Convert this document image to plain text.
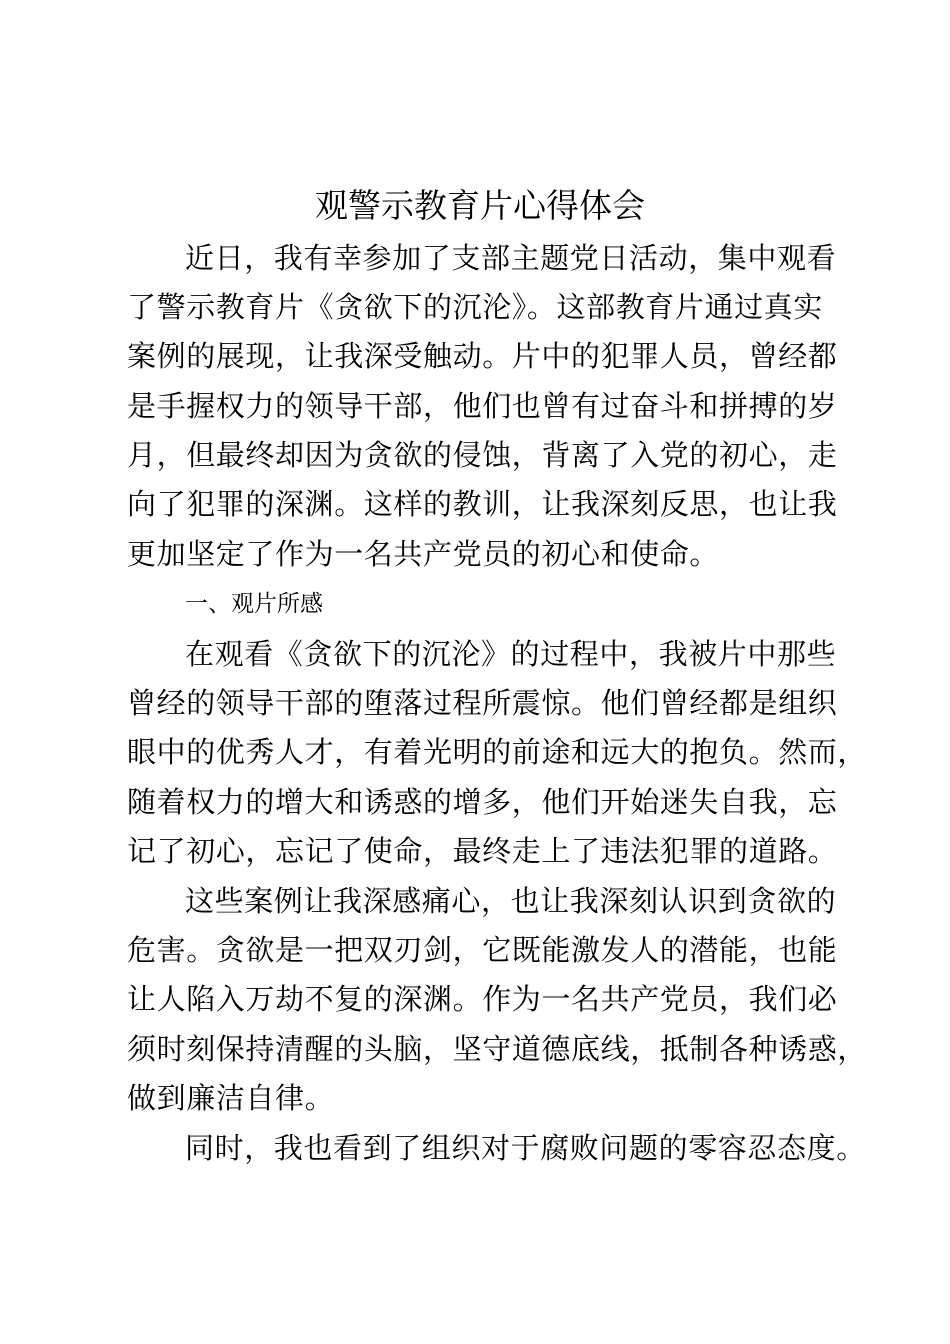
观警示教育片心得体会
近日，我有幸参加了支部主题党日活动，集中观看
了警示教育片《贪欲下的沉沦》。这部教育片通过真实
案例的展现，让我深受触动。片中的犯罪人员，曾经都
是手握权力的领导干部，他们也曾有过奋斗和拼搏的岁
月，但最终却因为贪欲的侵蚀，背离了入党的初心，走
向了犯罪的深渊。这样的教训，让我深刻反思，也让我
更加坚定了作为一名共产党员的初心和使命。
一、观片所感
在观看《贪欲下的沉沦》的过程中，我被片中那些
曾经的领导干部的堕落过程所震惊。他们曾经都是组织
眼中的优秀人才，有着光明的前途和远大的抱负。然而，
随着权力的增大和诱惑的增多，他们开始迷失自我，忘
记了初心，忘记了使命，最终走上了违法犯罪的道路。
这些案例让我深感痛心，也让我深刻认识到贪欲的
危害。贪欲是一把双刃剑，它既能激发人的潜能，也能
让人陷入万劫不复的深渊。作为一名共产党员，我们必
须时刻保持清醒的头脑，坚守道德底线，抵制各种诱惑，
做到廉洁自律。
同时，我也看到了组织对于腐败问题的零容忍态度。
